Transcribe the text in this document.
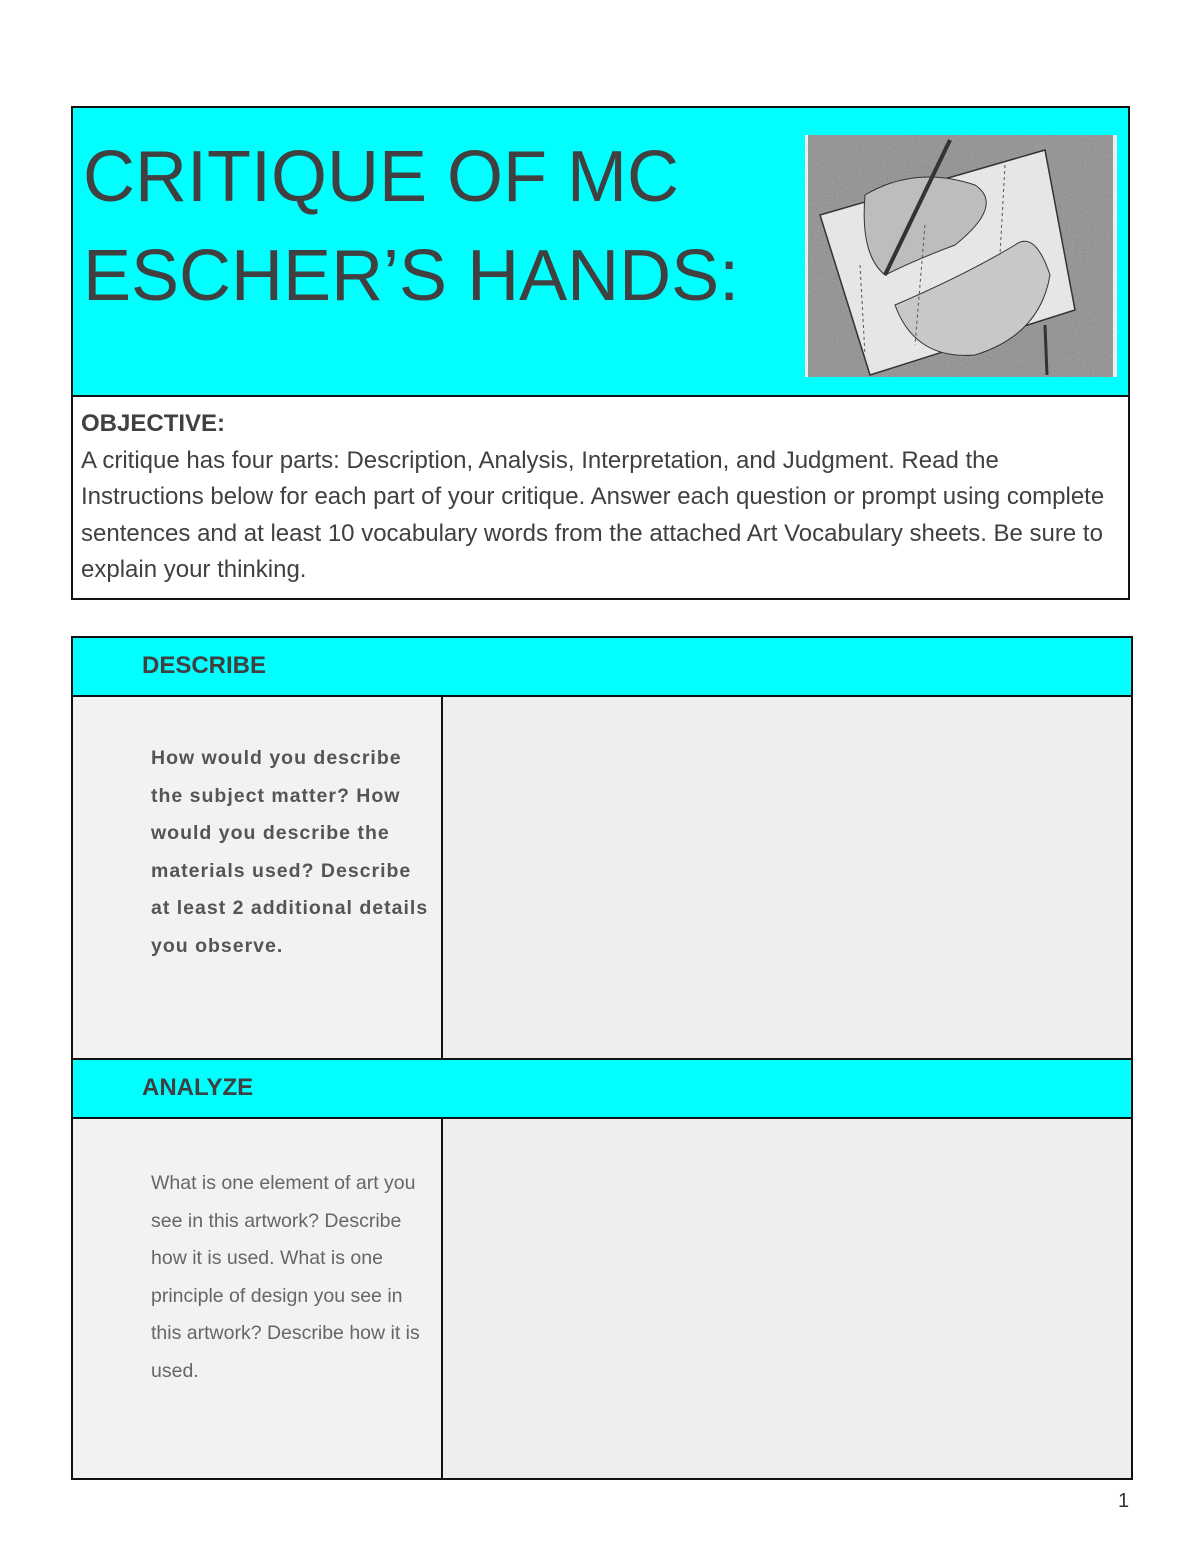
CRITIQUE OF MC
ESCHER’S HANDS:
OBJECTIVE:
A critique has four parts: Description, Analysis, Interpretation, and Judgment. Read the Instructions below for each part of your critique. Answer each question or prompt using complete sentences and at least 10 vocabulary words from the attached Art Vocabulary sheets. Be sure to explain your thinking.
DESCRIBE
How would you describe the subject matter? How would you describe the materials used? Describe at least 2 additional details you observe.
ANALYZE
What is one element of art you see in this artwork? Describe how it is used. What is one principle of design you see in this artwork? Describe how it is used.
1
